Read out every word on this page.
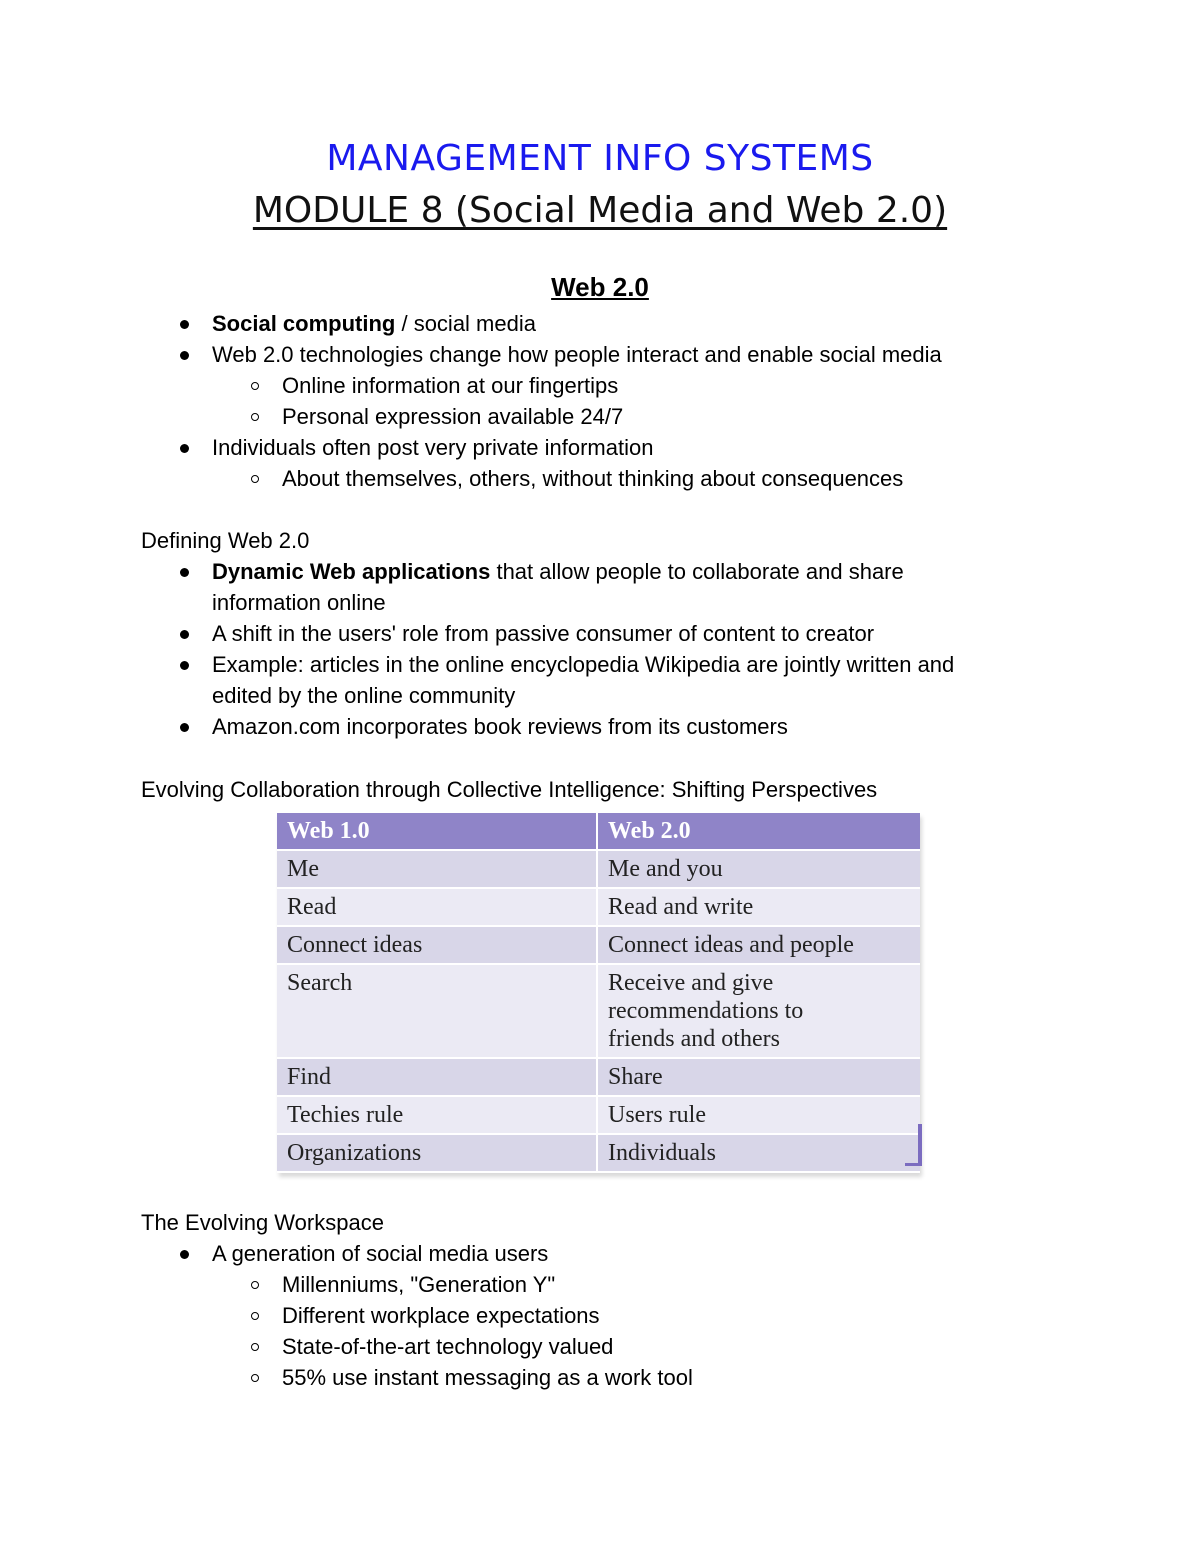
MANAGEMENT INFO SYSTEMS
MODULE 8 (Social Media and Web 2.0)
Web 2.0
Social computing / social media
Web 2.0 technologies change how people interact and enable social media
Online information at our fingertips
Personal expression available 24/7
Individuals often post very private information
About themselves, others, without thinking about consequences
Defining Web 2.0
Dynamic Web applications that allow people to collaborate and share
information online
A shift in the users' role from passive consumer of content to creator
Example: articles in the online encyclopedia Wikipedia are jointly written and
edited by the online community
Amazon.com incorporates book reviews from its customers
Evolving Collaboration through Collective Intelligence: Shifting Perspectives
Web 1.0	Web 2.0
Me	Me and you
Read	Read and write
Connect ideas	Connect ideas and people
Search	Receive and give recommendations to friends and others
Find	Share
Techies rule	Users rule
Organizations	Individuals
The Evolving Workspace
A generation of social media users
Millenniums, "Generation Y"
Different workplace expectations
State-of-the-art technology valued
55% use instant messaging as a work tool
